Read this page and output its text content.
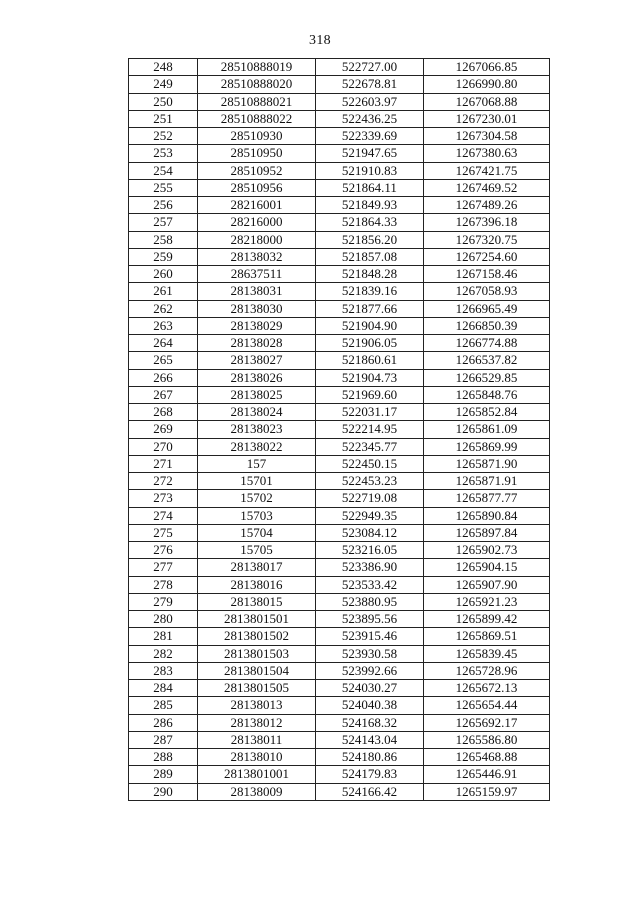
318
248	28510888019	522727.00	1267066.85
249	28510888020	522678.81	1266990.80
250	28510888021	522603.97	1267068.88
251	28510888022	522436.25	1267230.01
252	28510930	522339.69	1267304.58
253	28510950	521947.65	1267380.63
254	28510952	521910.83	1267421.75
255	28510956	521864.11	1267469.52
256	28216001	521849.93	1267489.26
257	28216000	521864.33	1267396.18
258	28218000	521856.20	1267320.75
259	28138032	521857.08	1267254.60
260	28637511	521848.28	1267158.46
261	28138031	521839.16	1267058.93
262	28138030	521877.66	1266965.49
263	28138029	521904.90	1266850.39
264	28138028	521906.05	1266774.88
265	28138027	521860.61	1266537.82
266	28138026	521904.73	1266529.85
267	28138025	521969.60	1265848.76
268	28138024	522031.17	1265852.84
269	28138023	522214.95	1265861.09
270	28138022	522345.77	1265869.99
271	157	522450.15	1265871.90
272	15701	522453.23	1265871.91
273	15702	522719.08	1265877.77
274	15703	522949.35	1265890.84
275	15704	523084.12	1265897.84
276	15705	523216.05	1265902.73
277	28138017	523386.90	1265904.15
278	28138016	523533.42	1265907.90
279	28138015	523880.95	1265921.23
280	2813801501	523895.56	1265899.42
281	2813801502	523915.46	1265869.51
282	2813801503	523930.58	1265839.45
283	2813801504	523992.66	1265728.96
284	2813801505	524030.27	1265672.13
285	28138013	524040.38	1265654.44
286	28138012	524168.32	1265692.17
287	28138011	524143.04	1265586.80
288	28138010	524180.86	1265468.88
289	2813801001	524179.83	1265446.91
290	28138009	524166.42	1265159.97
